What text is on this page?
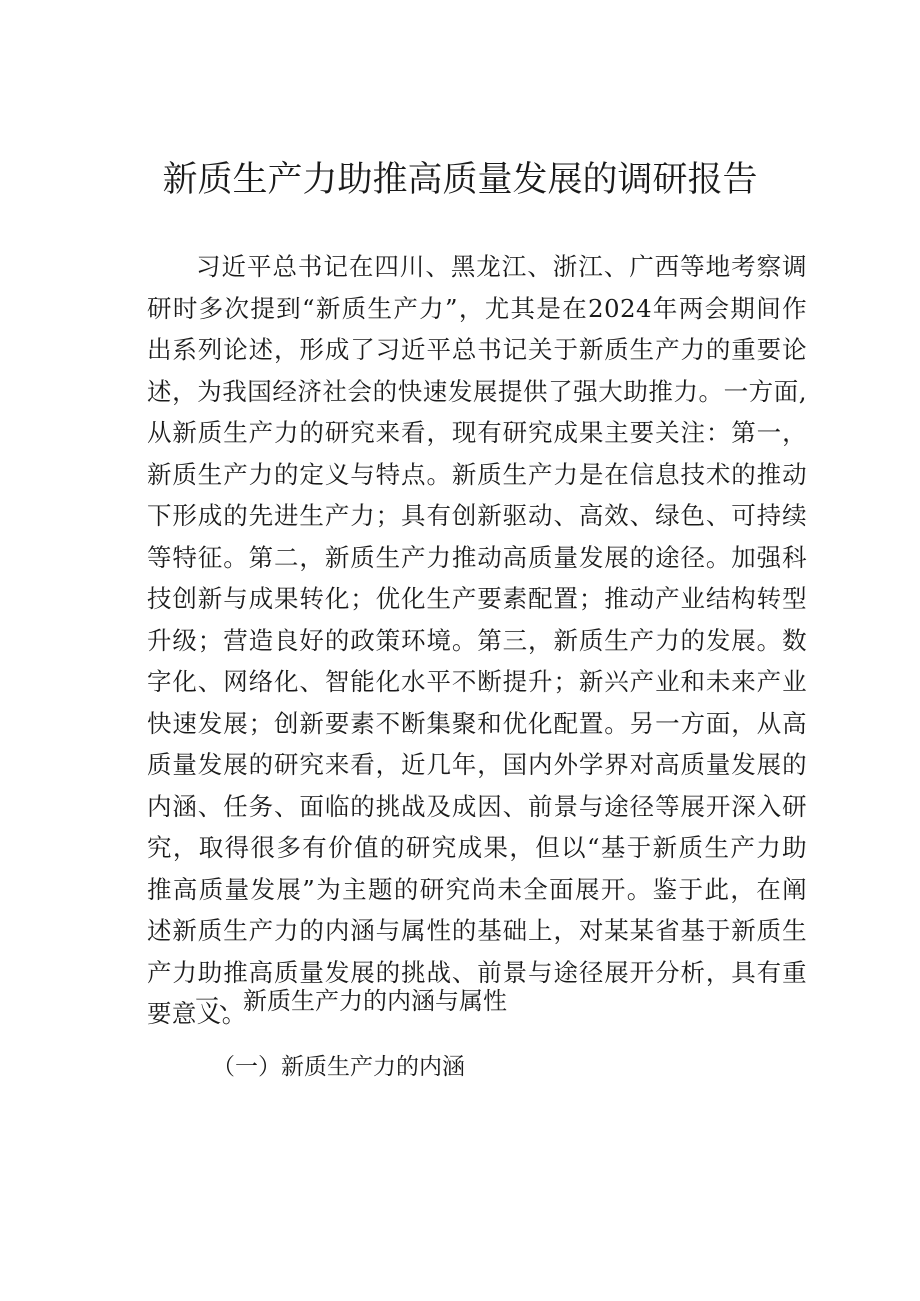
新质生产力助推高质量发展的调研报告

习近平总书记在四川、黑龙江、浙江、广西等地考察调研时多次提到“新质生产力”，尤其是在2024年两会期间作出系列论述，形成了习近平总书记关于新质生产力的重要论述，为我国经济社会的快速发展提供了强大助推力。一方面,从新质生产力的研究来看，现有研究成果主要关注：第一，新质生产力的定义与特点。新质生产力是在信息技术的推动下形成的先进生产力；具有创新驱动、高效、绿色、可持续等特征。第二，新质生产力推动高质量发展的途径。加强科技创新与成果转化；优化生产要素配置；推动产业结构转型升级；营造良好的政策环境。第三，新质生产力的发展。数字化、网络化、智能化水平不断提升；新兴产业和未来产业快速发展；创新要素不断集聚和优化配置。另一方面，从高质量发展的研究来看，近几年，国内外学界对高质量发展的内涵、任务、面临的挑战及成因、前景与途径等展开深入研究，取得很多有价值的研究成果，但以“基于新质生产力助推高质量发展”为主题的研究尚未全面展开。鉴于此，在阐述新质生产力的内涵与属性的基础上，对某某省基于新质生产力助推高质量发展的挑战、前景与途径展开分析，具有重要意义。

一、新质生产力的内涵与属性
（一）新质生产力的内涵
